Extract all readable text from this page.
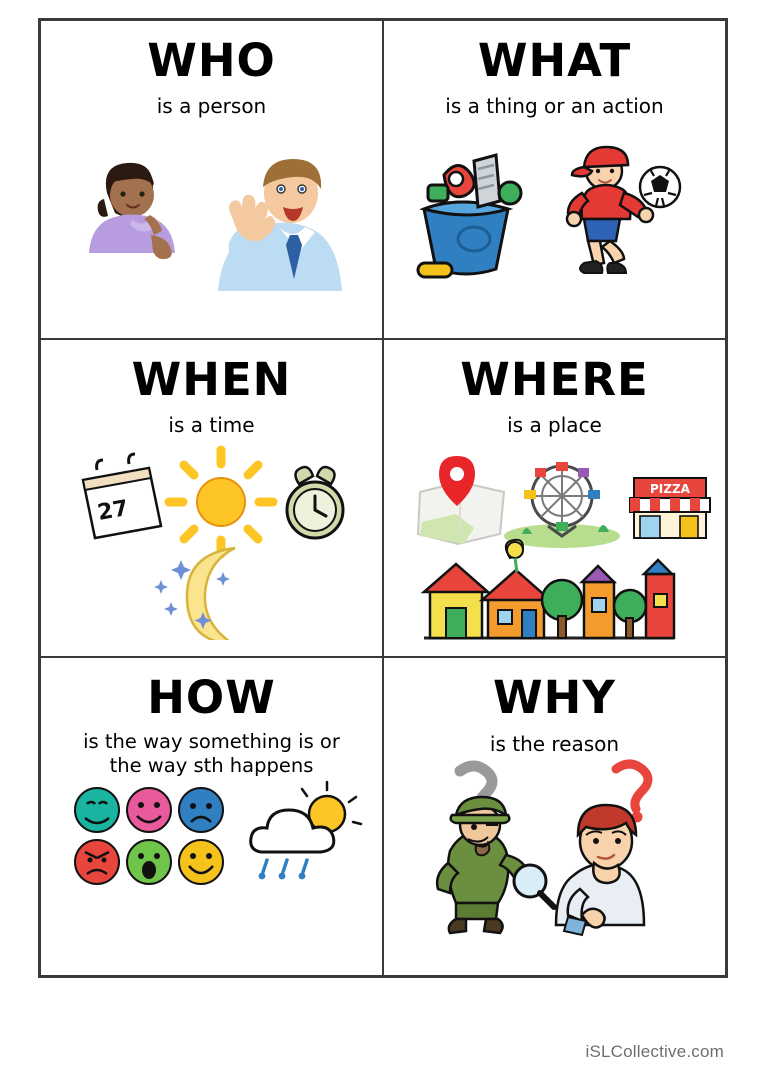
WHO
is a person
WHAT
is a thing or an action
WHEN
is a time
27
WHERE
is a place
PIZZA
HOW
is the way something is or
the way sth happens
WHY
is the reason
iSLCollective.com
